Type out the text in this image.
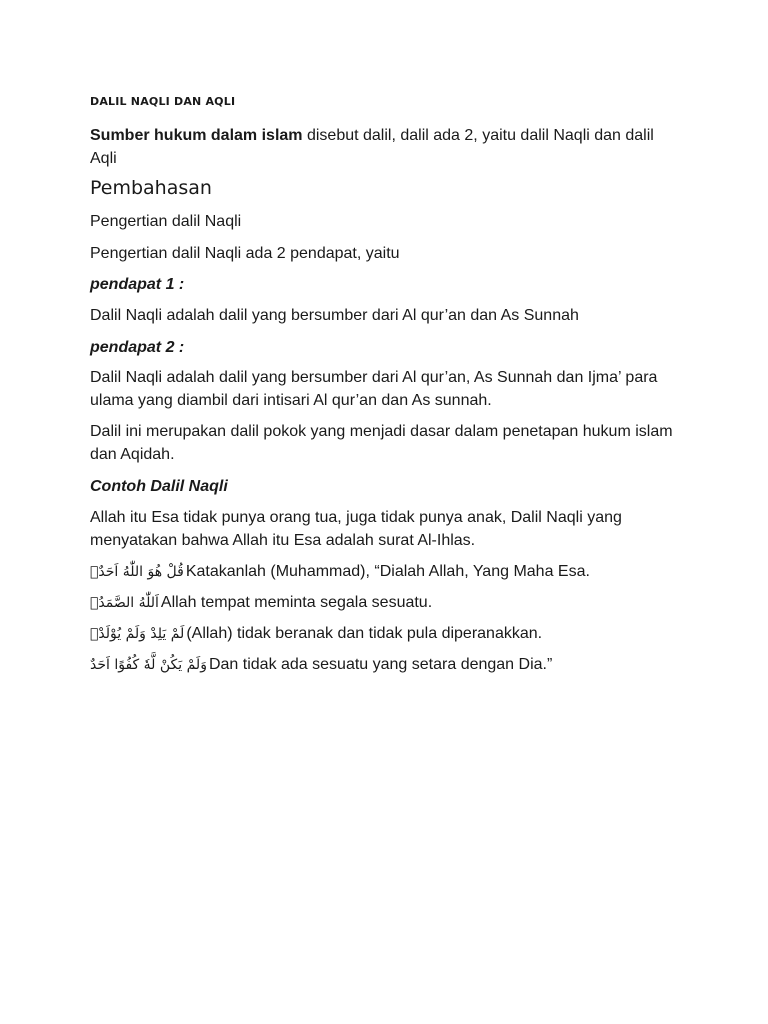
DALIL NAQLI DAN AQLI
Sumber hukum dalam islam disebut dalil, dalil ada 2, yaitu dalil Naqli dan dalil Aqli
Pembahasan
Pengertian dalil Naqli
Pengertian dalil Naqli ada 2 pendapat, yaitu
pendapat 1 :
Dalil Naqli adalah dalil yang bersumber dari Al qur’an dan As Sunnah
pendapat 2 :
Dalil Naqli adalah dalil yang bersumber dari Al qur’an, As Sunnah dan Ijma’ para ulama yang diambil dari intisari Al qur’an dan As sunnah.
Dalil ini merupakan dalil pokok yang menjadi dasar dalam penetapan hukum islam dan Aqidah.
Contoh Dalil Naqli
Allah itu Esa tidak punya orang tua, juga tidak punya anak, Dalil Naqli yang menyatakan bahwa Allah itu Esa adalah surat Al-Ihlas.
قُلْ هُوَ اللّٰهُ اَحَدٌۚ Katakanlah (Muhammad), “Dialah Allah, Yang Maha Esa.
اَللّٰهُ الصَّمَدُۚ Allah tempat meminta segala sesuatu.
لَمْ يَلِدْ وَلَمْ يُوْلَدْۙ (Allah) tidak beranak dan tidak pula diperanakkan.
وَلَمْ يَكُنْ لَّهٗ كُفُوًا اَحَدٌ Dan tidak ada sesuatu yang setara dengan Dia.”
